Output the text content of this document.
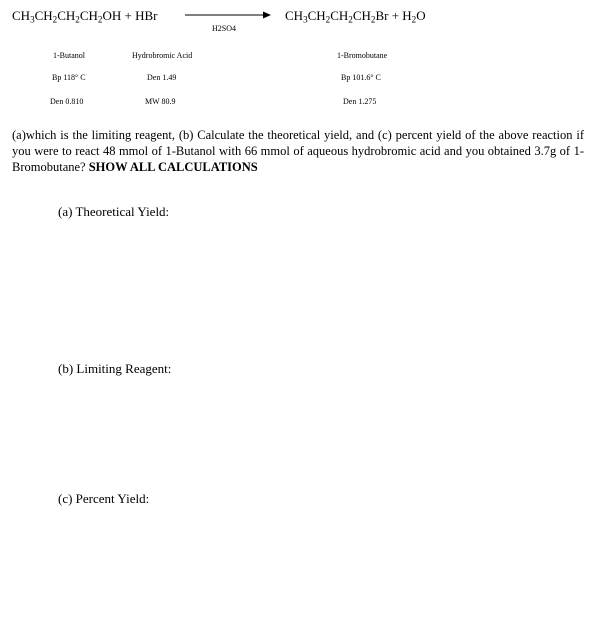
$CH_3CH_2CH_2CH_2OH$ + HBr
H2SO4
$CH_3CH_2CH_2CH_2Br + H_2O$
1-Butanol	Hydrobromic Acid	1-Bromobutane
Bp 118° C	Den 1.49	Bp 101.6° C
Den 0.810	MW 80.9	Den 1.275
(a)which is the limiting reagent, (b) Calculate the theoretical yield, and (c) percent yield of the above reaction if you were to react 48 mmol of 1-Butanol with 66 mmol of aqueous hydrobromic acid and you obtained 3.7g of 1-Bromobutane? SHOW ALL CALCULATIONS
(a) Theoretical Yield:
(b) Limiting Reagent:
(c) Percent Yield:
